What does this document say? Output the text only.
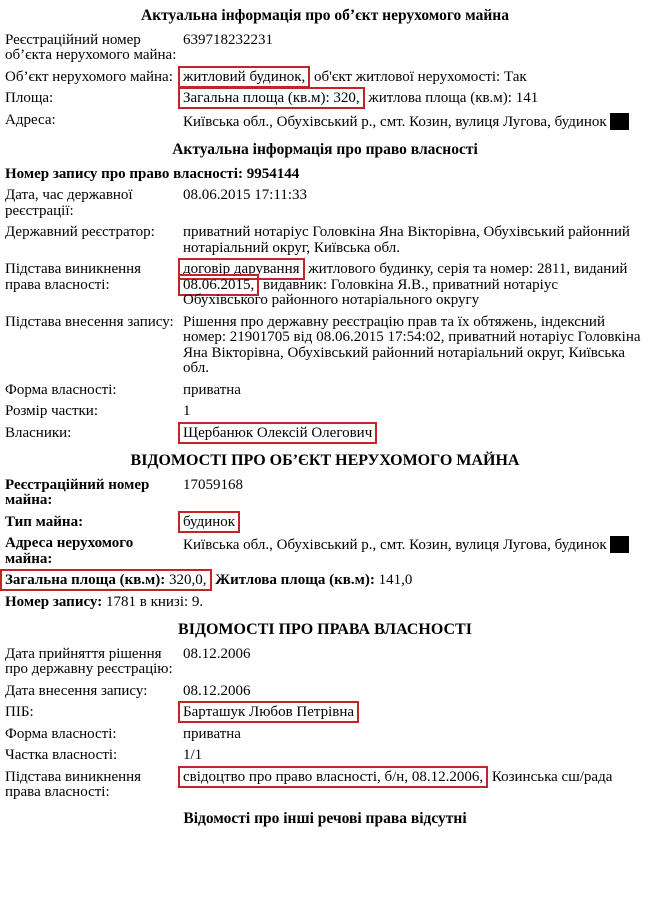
Актуальна інформація про об’єкт нерухомого майна
Реєстраційний номер об’єкта нерухомого майна:
639718232231
Об’єкт нерухомого майна: житловий будинок, об'єкт житлової нерухомості: Так
Площа:	Загальна площа (кв.м): 320, житлова площа (кв.м): 141
Адреса:	Київська обл., Обухівський р., смт. Козин, вулиця Лугова, будинок
Актуальна інформація про право власності

Номер запису про право власності: 9954144

Дата, час державної реєстрації:
08.06.2015 17:11:33
Державний реєстратор:	приватний нотаріус Головкіна Яна Вікторівна, Обухівський районний нотаріальний округ, Київська обл.
Підстава виникнення права власності:
договір дарування житлового будинку, серія та номер: 2811, виданий 08.06.2015, видавник: Головкіна Я.В., приватний нотаріус Обухівського районного нотаріального округу
Підстава внесення запису: Рішення про державну реєстрацію прав та їх обтяжень, індексний номер: 21901705 від 08.06.2015 17:54:02, приватний нотаріус Головкіна Яна Вікторівна, Обухівський районний нотаріальний округ, Київська обл.
Форма власності:	приватна
Розмір частки:	1
Власники:	Щербанюк Олексій Олегович
ВІДОМОСТІ ПРО ОБ’ЄКТ НЕРУХОМОГО МАЙНА
Реєстраційний номер майна:
17059168
Тип майна:	будинок
Адреса нерухомого майна:
Київська обл., Обухівський р., смт. Козин, вулиця Лугова, будинок

Загальна площа (кв.м): 320,0, Житлова площа (кв.м): 141,0

Номер запису: 1781 в книзі: 9.

ВІДОМОСТІ ПРО ПРАВА ВЛАСНОСТІ
Дата прийняття рішення про державну реєстрацію:
08.12.2006
Дата внесення запису:	08.12.2006
ПІБ:	Барташук Любов Петрівна
Форма власності:	приватна
Частка власності:	1/1
Підстава виникнення права власності:
свідоцтво про право власності, б/н, 08.12.2006, Козинська сш/рада
Відомості про інші речові права відсутні
